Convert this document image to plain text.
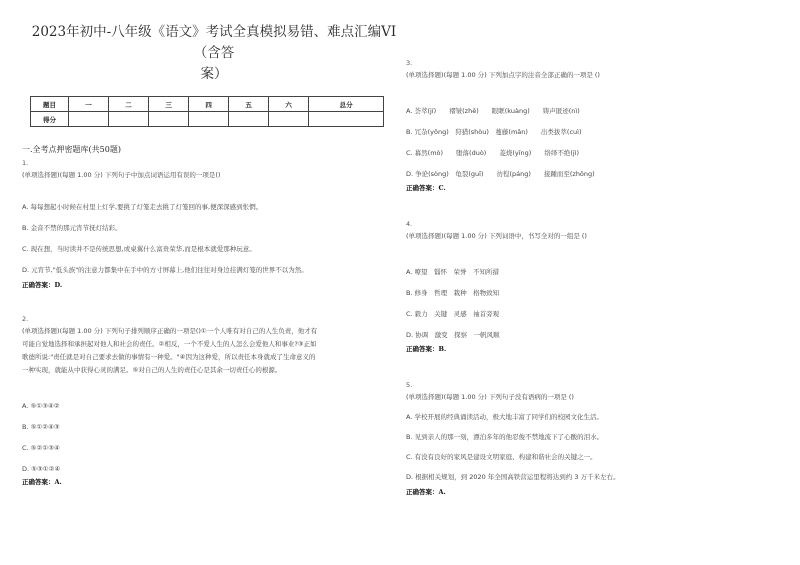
2023年初中-八年级《语文》考试全真模拟易错、难点汇编VI（含答
案）
题目	一	二	三	四	五	六	总分
得分							
一.全考点押密题库(共50题)
1.
(单项选择题)(每题 1.00 分) 下列句子中加点词语运用有误的一项是()
A. 每每想起小时候在村里上灯学,要挑了灯笼走去挑了灯笼回的事,便深深感到怅惘。
B. 金音不禁的那元宵节抚灯结彩。
C. 现在想，当时读井不是传统思想,或桌翼什么富贵荣华,而是根本就爱那种玩意。
D. 元宵节,"低头族"的注意力都集中在手中的方寸屏幕上,他们往往对身边挂满灯笼的世界不以为然。
正确答案：D.
2.
(单项选择题)(每题 1.00 分) 下列句子排列顺序正确的一项是()①一个人唯有对自己的人生负责，他才有
可能自觉地选择和承担起对他人和社会的责任。②相反，一个不爱人生的人怎么会爱他人和事业?③正如
歌德所说:"责任就是对自己要求去做的事情有一种爱。"④因为这种爱，所以责任本身就成了生命意义的
一种实现，就能从中获得心灵的满足。⑤对自己的人生的责任心是其余一切责任心的根源。
A. ⑤①③④②
B. ⑤①②④③
C. ⑤②①③④
D. ⑤③①②④
正确答案：A.
3.
(单项选择题)(每题 1.00 分) 下列加点字的注音全部正确的一项是 ()
A. 荟萃(jí)　　褶皱(zhě)　　眼眶(kuàng)　　铸声匿迹(nì)
B. 冗杂(yǒng)　狩猎(shòu)　蔓藤(mǎn)　　出类拔萃(cuì)
C. 幕然(mò)　　堕落(duò)　　菱烧(yīng)　　络绎不绝(jì)
D. 争论(sòng)　龟裂(guī)　　彷徨(páng)　　接踵而至(zhǒng)
正确答案：C.
4.
(单项选择题)(每题 1.00 分) 下列词语中，书写全对的一组是 ()
A. 嘹望　锱怀　荣誉　不知所措
B. 修身　哲理　栽种　格物致知
C. 毅力　关键　灵感　袖首旁观
D. 协调　激变　探察　一帆风顺
正确答案：B.
5.
(单项选择题)(每题 1.00 分) 下列句子没有语病的一项是 ()
A. 学校开展的经典诵读活动，极大地丰富了同学们的校园文化生活。
B. 见到亲人的那一刻，漂泊多年的他忍俊不禁地流下了心酸的泪水。
C. 有没有良好的家风是建设文明家庭、构建和谐社会的关键之一。
D. 根据相关规划，到 2020 年全国高铁营运里程将达到约 3 万千米左右。
正确答案：A.
